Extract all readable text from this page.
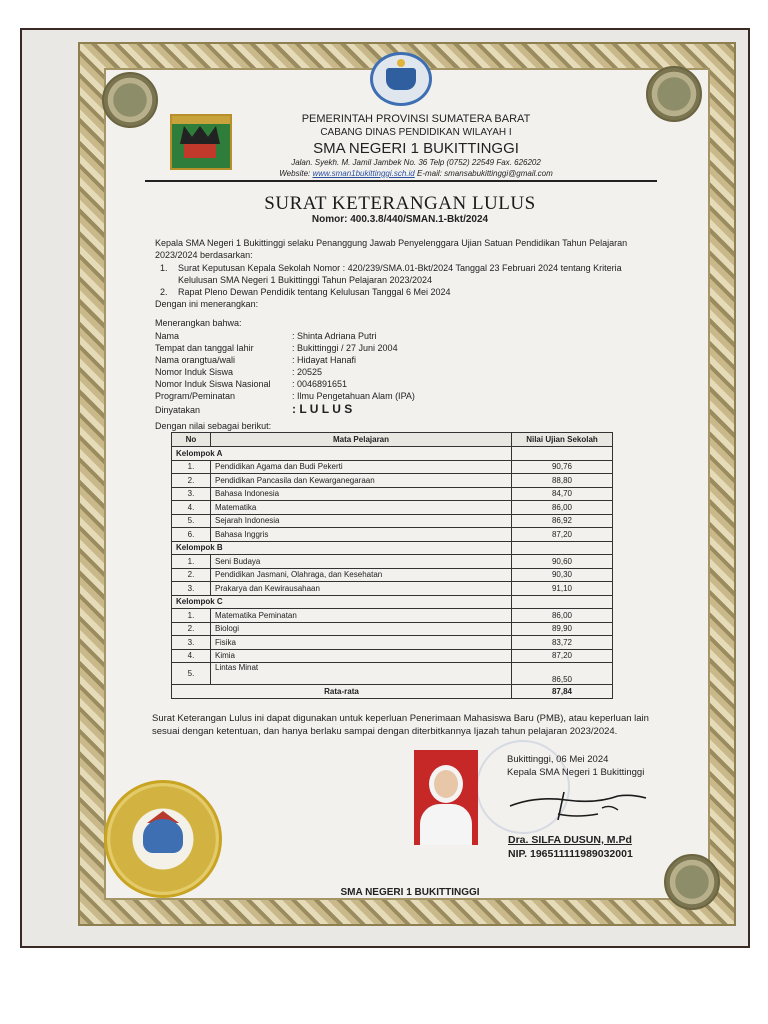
PEMERINTAH PROVINSI SUMATERA BARAT
CABANG DINAS PENDIDIKAN WILAYAH I
SMA NEGERI 1 BUKITTINGGI
Jalan. Syekh. M. Jamil Jambek No. 36 Telp (0752) 22549 Fax. 626202
Website: www.sman1bukittinggi.sch.id E-mail: smansabukittinggi@gmail.com
SURAT KETERANGAN LULUS
Nomor: 400.3.8/440/SMAN.1-Bkt/2024
Kepala SMA Negeri 1 Bukittinggi selaku Penanggung Jawab Penyelenggara Ujian Satuan Pendidikan Tahun Pelajaran
2023/2024 berdasarkan:
1. Surat Keputusan Kepala Sekolah Nomor : 420/239/SMA.01-Bkt/2024 Tanggal 23 Februari 2024 tentang Kriteria
Kelulusan SMA Negeri 1 Bukittinggi Tahun Pelajaran 2023/2024
2. Rapat Pleno Dewan Pendidik tentang Kelulusan Tanggal 6 Mei 2024
Dengan ini menerangkan:
Menerangkan bahwa:
Nama	: Shinta Adriana Putri
Tempat dan tanggal lahir	: Bukittinggi / 27 Juni 2004
Nama orangtua/wali	: Hidayat Hanafi
Nomor Induk Siswa	: 20525
Nomor Induk Siswa Nasional : 0046891651
Program/Peminatan	: Ilmu Pengetahuan Alam (IPA)
Dinyatakan	: L U L U S
Dengan nilai sebagai berikut:
No	Mata Pelajaran	Nilai Ujian Sekolah
Kelompok A		
1.	Pendidikan Agama dan Budi Pekerti	90,76
2.	Pendidikan Pancasila dan Kewarganegaraan	88,80
3.	Bahasa Indonesia	84,70
4.	Matematika	86,00
5.	Sejarah Indonesia	86,92
6.	Bahasa Inggris	87,20
Kelompok B		
1.	Seni Budaya	90,60
2.	Pendidikan Jasmani, Olahraga, dan Kesehatan	90,30
3.	Prakarya dan Kewirausahaan	91,10
Kelompok C		
1.	Matematika Peminatan	86,00
2.	Biologi	89,90
3.	Fisika	83,72
4.	Kimia	87,20
5.	Lintas Minat	86,50
Rata-rata		87,84
Surat Keterangan Lulus ini dapat digunakan untuk keperluan Penerimaan Mahasiswa Baru (PMB), atau keperluan lain
sesuai dengan ketentuan, dan hanya berlaku sampai dengan diterbitkannya Ijazah tahun pelajaran 2023/2024.
Bukittinggi, 06 Mei 2024
Kepala SMA Negeri 1 Bukittinggi
Dra. SILFA DUSUN, M.Pd
NIP. 196511111989032001
SMA NEGERI 1 BUKITTINGGI
